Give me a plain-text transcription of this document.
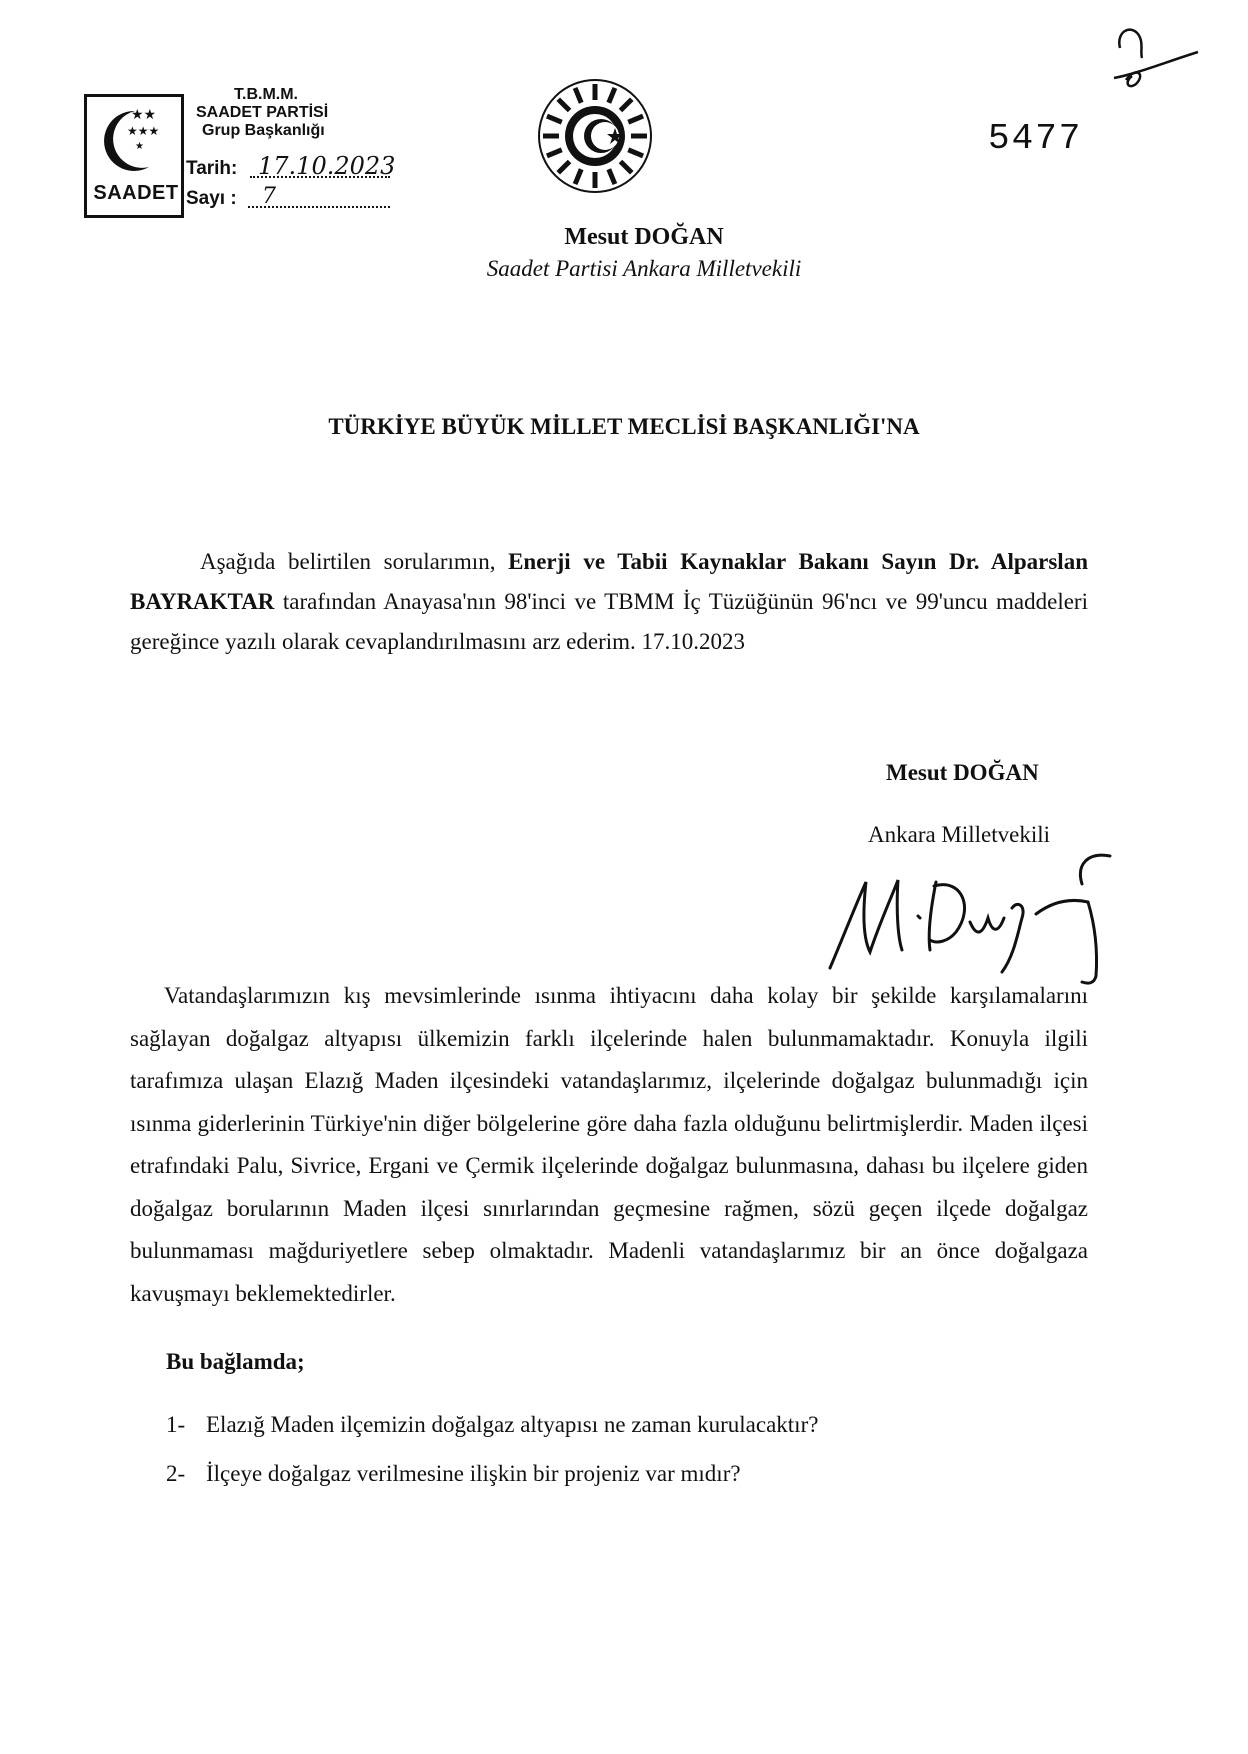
★★
★★★
★
SAADET
T.B.M.M.
SAADET PARTİSİ
Grup Başkanlığı
Tarih: 17.10.2023
Sayı : 7
5477
Mesut DOĞAN
Saadet Partisi Ankara Milletvekili
TÜRKİYE BÜYÜK MİLLET MECLİSİ BAŞKANLIĞI'NA

Aşağıda belirtilen sorularımın, Enerji ve Tabii Kaynaklar Bakanı Sayın Dr. Alparslan BAYRAKTAR tarafından Anayasa'nın 98'inci ve TBMM İç Tüzüğünün 96'ncı ve 99'uncu maddeleri gereğince yazılı olarak cevaplandırılmasını arz ederim. 17.10.2023

Mesut DOĞAN
Ankara Milletvekili

Vatandaşlarımızın kış mevsimlerinde ısınma ihtiyacını daha kolay bir şekilde karşılamalarını sağlayan doğalgaz altyapısı ülkemizin farklı ilçelerinde halen bulunmamaktadır. Konuyla ilgili tarafımıza ulaşan Elazığ Maden ilçesindeki vatandaşlarımız, ilçelerinde doğalgaz bulunmadığı için ısınma giderlerinin Türkiye'nin diğer bölgelerine göre daha fazla olduğunu belirtmişlerdir. Maden ilçesi etrafındaki Palu, Sivrice, Ergani ve Çermik ilçelerinde doğalgaz bulunmasına, dahası bu ilçelere giden doğalgaz borularının Maden ilçesi sınırlarından geçmesine rağmen, sözü geçen ilçede doğalgaz bulunmaması mağduriyetlere sebep olmaktadır. Madenli vatandaşlarımız bir an önce doğalgaza kavuşmayı beklemektedirler.

Bu bağlamda;
1- Elazığ Maden ilçemizin doğalgaz altyapısı ne zaman kurulacaktır?
2- İlçeye doğalgaz verilmesine ilişkin bir projeniz var mıdır?
